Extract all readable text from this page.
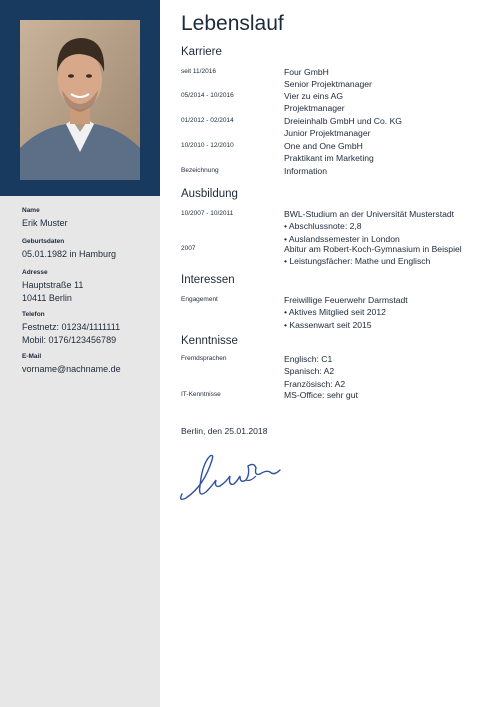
Name
Erik Muster
Geburtsdaten
05.01.1982 in Hamburg
Adresse
Hauptstraße 11
10411 Berlin
Telefon
Festnetz: 01234/1111111
Mobil: 0176/123456789
E-Mail
vorname@nachname.de
Lebenslauf
Karriere
seit 11/2016	Four GmbH
Senior Projektmanager
05/2014 - 10/2016	Vier zu eins AG
Projektmanager
01/2012 - 02/2014	Dreieinhalb GmbH und Co. KG
Junior Projektmanager
10/2010 - 12/2010	One and One GmbH
Praktikant im Marketing
Bezeichnung	Information
Ausbildung
10/2007 - 10/2011	BWL-Studium an der Universität Musterstadt
• Abschlussnote: 2,8
• Auslandssemester in London
2007	Abitur am Robert-Koch-Gymnasium in Beispiel
• Leistungsfächer: Mathe und Englisch
Interessen
Engagement	Freiwillige Feuerwehr Darmstadt
• Aktives Mitglied seit 2012
• Kassenwart seit 2015
Kenntnisse
Fremdsprachen	Englisch: C1
Spanisch: A2
Französisch: A2
IT-Kenntnisse	MS-Office: sehr gut
Berlin, den 25.01.2018
